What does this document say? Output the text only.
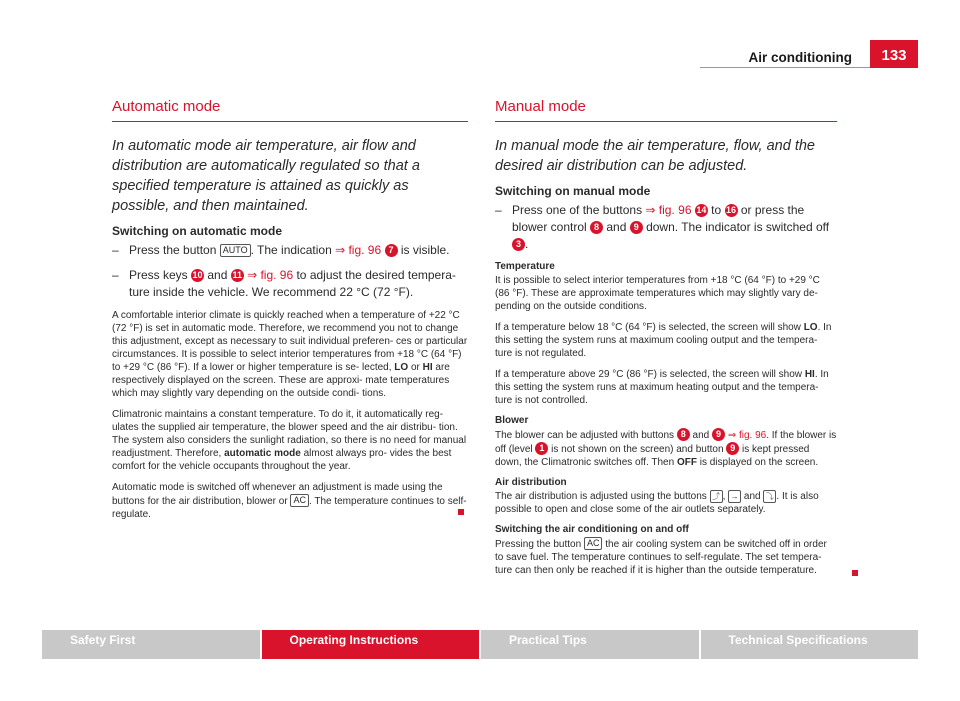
Air conditioning	133
Automatic mode

In automatic mode air temperature, air flow and distribution are automatically regulated so that a specified temperature is attained as quickly as possible, and then maintained.

Switching on automatic mode
– Press the button AUTO . The indication ⇒ fig. 96 7 is visible.
– Press keys 10 and 11 ⇒ fig. 96 to adjust the desired tempera- ture inside the vehicle. We recommend 22 °C (72 °F).

A comfortable interior climate is quickly reached when a temperature of +22 °C (72 °F) is set in automatic mode. Therefore, we recommend you not to change this adjustment, except as necessary to suit individual preferen- ces or particular circumstances. It is possible to select interior temperatures from +18 °C (64 °F) to +29 °C (86 °F). If a lower or higher temperature is se- lected, LO or HI are respectively displayed on the screen. These are approxi- mate temperatures which may slightly vary depending on the outside condi- tions.

Climatronic maintains a constant temperature. To do it, it automatically reg- ulates the supplied air temperature, the blower speed and the air distribu- tion. The system also considers the sunlight radiation, so there is no need for manual readjustment. Therefore, automatic mode almost always pro- vides the best comfort for the vehicle occupants throughout the year.

Automatic mode is switched off whenever an adjustment is made using the buttons for the air distribution, blower or AC . The temperature continues to self-regulate.

Manual mode

In manual mode the air temperature, flow, and the desired air distribution can be adjusted.

Switching on manual mode
– Press one of the buttons ⇒ fig. 96 14 to 16 or press the blower control 8 and 9 down. The indicator is switched off 3 .
Temperature

It is possible to select interior temperatures from +18 °C (64 °F) to +29 °C (86 °F). These are approximate temperatures which may slightly vary de- pending on the outside conditions.

If a temperature below 18 °C (64 °F) is selected, the screen will show LO. In this setting the system runs at maximum cooling output and the tempera- ture is not regulated.

If a temperature above 29 °C (86 °F) is selected, the screen will show HI. In this setting the system runs at maximum heating output and the tempera- ture is not controlled.

Blower

The blower can be adjusted with buttons 8 and 9 ⇒ fig. 96. If the blower is off (level 1 is not shown on the screen) and button 9 is kept pressed down, the Climatronic switches off. Then OFF is displayed on the screen.

Air distribution

The air distribution is adjusted using the buttons ⤴ , → and ⤵ . It is also possible to open and close some of the air outlets separately.

Switching the air conditioning on and off

Pressing the button AC the air cooling system can be switched off in order to save fuel. The temperature continues to self-regulate. The set tempera- ture can then only be reached if it is higher than the outside temperature.

Safety First	Operating Instructions	Practical Tips	Technical Specifications
